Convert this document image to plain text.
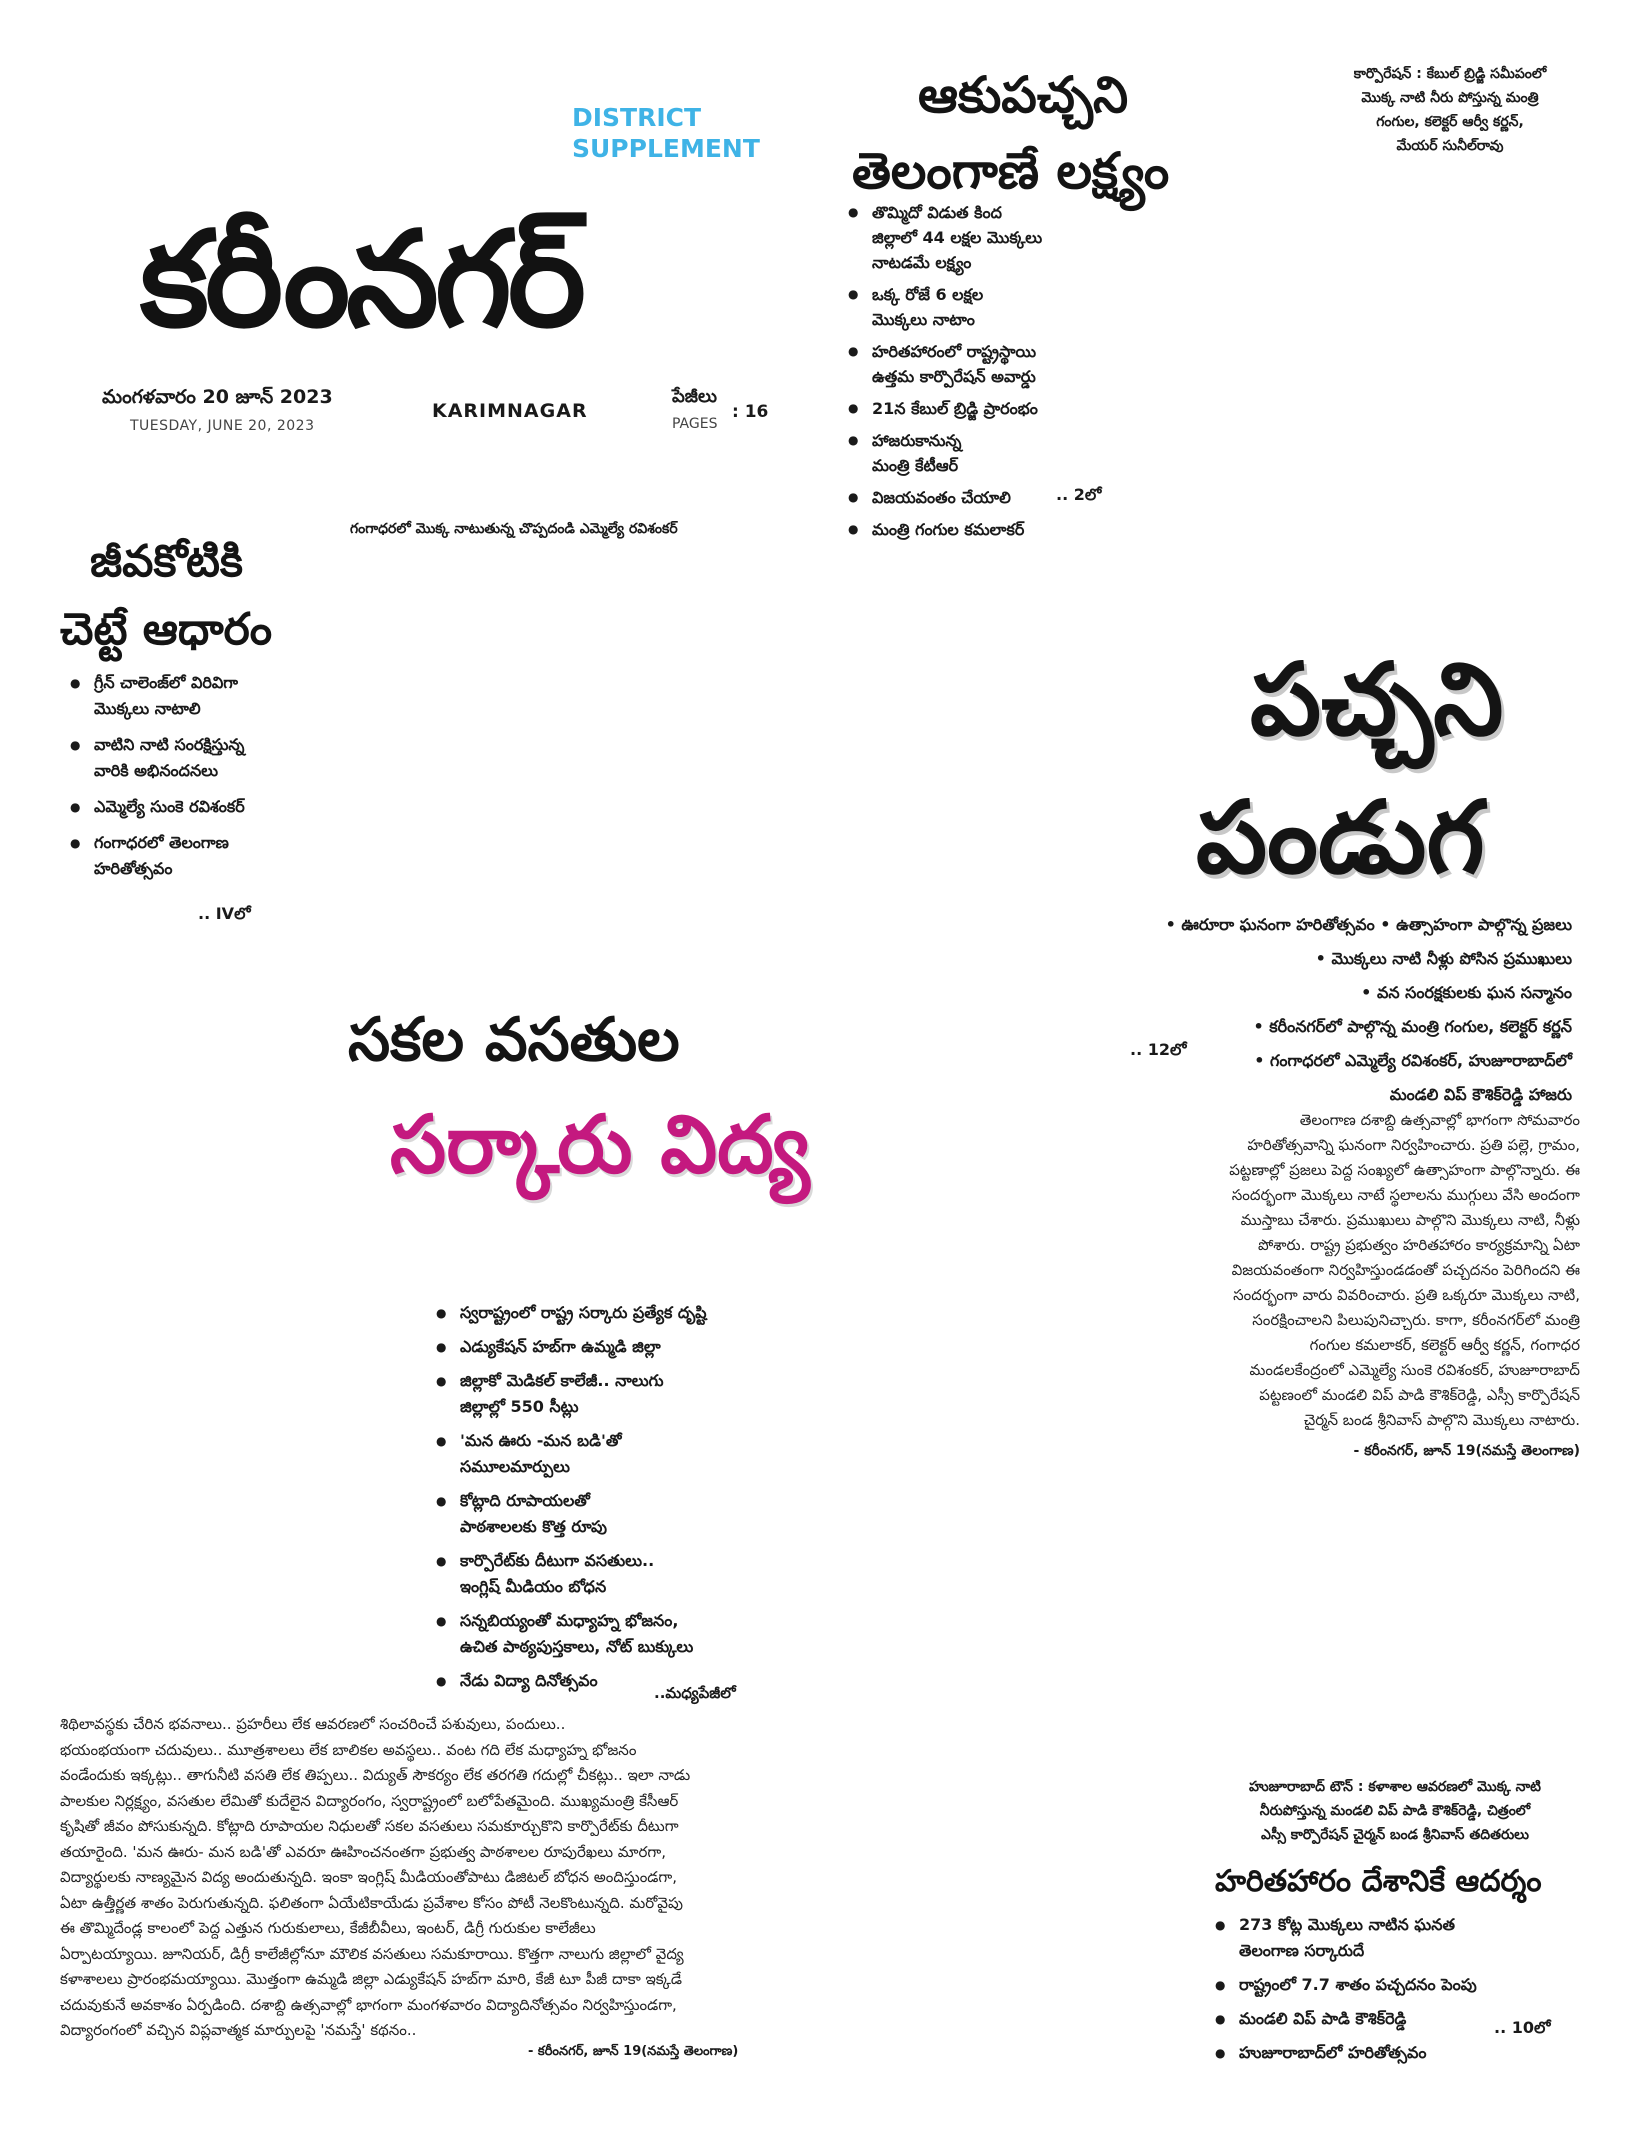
DISTRICT
SUPPLEMENT
కరీంనగర్
మంగళవారం 20 జూన్ 2023
TUESDAY, JUNE 20, 2023
KARIMNAGAR
పేజీలు
PAGES
: 16
కార్పొరేషన్ : కేబుల్ బ్రిడ్జి సమీపంలో
మొక్క నాటి నీరు పోస్తున్న మంత్రి
గంగుల, కలెక్టర్ ఆర్వీ కర్ణన్,
మేయర్ సునీల్‌రావు
ఆకుపచ్చని
తెలంగాణే లక్ష్యం
● తొమ్మిదో విడుత కింద
జిల్లాలో 44 లక్షల మొక్కలు
నాటడమే లక్ష్యం
● ఒక్క రోజే 6 లక్షల
మొక్కలు నాటాం
● హరితహారంలో రాష్ట్రస్థాయి
ఉత్తమ కార్పొరేషన్ అవార్డు
● 21న కేబుల్ బ్రిడ్జి ప్రారంభం
● హాజరుకానున్న
మంత్రి కేటీఆర్
● విజయవంతం చేయాలి
● మంత్రి గంగుల కమలాకర్
.. 2లో
గంగాధరలో మొక్క నాటుతున్న చొప్పదండి ఎమ్మెల్యే రవిశంకర్
జీవకోటికి
చెట్టే ఆధారం
● గ్రీన్ చాలెంజ్‌లో విరివిగా
మొక్కలు నాటాలి
● వాటిని నాటి సంరక్షిస్తున్న
వారికి అభినందనలు
● ఎమ్మెల్యే సుంకె రవిశంకర్
● గంగాధరలో తెలంగాణ
హరితోత్సవం
.. IVలో
పచ్చని
పండుగ
• ఊరూరా ఘనంగా హరితోత్సవం • ఉత్సాహంగా పాల్గొన్న ప్రజలు
• మొక్కలు నాటి నీళ్లు పోసిన ప్రముఖులు
• వన సంరక్షకులకు ఘన సన్మానం
• కరీంనగర్‌లో పాల్గొన్న మంత్రి గంగుల, కలెక్టర్ కర్ణన్
• గంగాధరలో ఎమ్మెల్యే రవిశంకర్, హుజూరాబాద్‌లో
మండలి విప్ కౌశిక్‌రెడ్డి హాజరు
.. 12లో
తెలంగాణ దశాబ్ది ఉత్సవాల్లో భాగంగా సోమవారం
హరితోత్సవాన్ని ఘనంగా నిర్వహించారు. ప్రతి పల్లె, గ్రామం,
పట్టణాల్లో ప్రజలు పెద్ద సంఖ్యలో ఉత్సాహంగా పాల్గొన్నారు. ఈ
సందర్భంగా మొక్కలు నాటే స్థలాలను ముగ్గులు వేసి అందంగా
ముస్తాబు చేశారు. ప్రముఖులు పాల్గొని మొక్కలు నాటి, నీళ్లు
పోశారు. రాష్ట్ర ప్రభుత్వం హరితహారం కార్యక్రమాన్ని ఏటా
విజయవంతంగా నిర్వహిస్తుండడంతో పచ్చదనం పెరిగిందని ఈ
సందర్భంగా వారు వివరించారు. ప్రతి ఒక్కరూ మొక్కలు నాటి,
సంరక్షించాలని పిలుపునిచ్చారు. కాగా, కరీంనగర్‌లో మంత్రి
గంగుల కమలాకర్, కలెక్టర్ ఆర్వీ కర్ణన్, గంగాధర
మండలకేంద్రంలో ఎమ్మెల్యే సుంకె రవిశంకర్, హుజూరాబాద్
పట్టణంలో మండలి విప్ పాడి కౌశిక్‌రెడ్డి, ఎస్సీ కార్పొరేషన్
చైర్మన్ బండ శ్రీనివాస్ పాల్గొని మొక్కలు నాటారు.
- కరీంనగర్, జూన్ 19(నమస్తే తెలంగాణ)
సకల వసతుల
సర్కారు విద్య
● స్వరాష్ట్రంలో రాష్ట్ర సర్కారు ప్రత్యేక దృష్టి
● ఎడ్యుకేషన్ హబ్‌గా ఉమ్మడి జిల్లా
● జిల్లాకో మెడికల్ కాలేజీ.. నాలుగు
జిల్లాల్లో 550 సీట్లు
● 'మన ఊరు -మన బడి'తో
సమూలమార్పులు
● కోట్లాది రూపాయలతో
పాఠశాలలకు కొత్త రూపు
● కార్పొరేట్‌కు దీటుగా వసతులు..
ఇంగ్లిష్ మీడియం బోధన
● సన్నబియ్యంతో మధ్యాహ్న భోజనం,
ఉచిత పాఠ్యపుస్తకాలు, నోట్ బుక్కులు
● నేడు విద్యా దినోత్సవం
..మధ్యపేజీలో
శిథిలావస్థకు చేరిన భవనాలు.. ప్రహరీలు లేక ఆవరణలో సంచరించే పశువులు, పందులు..
భయంభయంగా చదువులు.. మూత్రశాలలు లేక బాలికల అవస్థలు.. వంట గది లేక మధ్యాహ్న భోజనం
వండేందుకు ఇక్కట్లు.. తాగునీటి వసతి లేక తిప్పలు.. విద్యుత్ సౌకర్యం లేక తరగతి గదుల్లో చీకట్లు.. ఇలా నాడు
పాలకుల నిర్లక్ష్యం, వసతుల లేమితో కుదేలైన విద్యారంగం, స్వరాష్ట్రంలో బలోపేతమైంది. ముఖ్యమంత్రి కేసీఆర్
కృషితో జీవం పోసుకున్నది. కోట్లాది రూపాయల నిధులతో సకల వసతులు సమకూర్చుకొని కార్పొరేట్‌కు దీటుగా
తయారైంది. 'మన ఊరు- మన బడి'తో ఎవరూ ఊహించనంతగా ప్రభుత్వ పాఠశాలల రూపురేఖలు మారగా,
విద్యార్థులకు నాణ్యమైన విద్య అందుతున్నది. ఇంకా ఇంగ్లిష్ మీడియంతోపాటు డిజిటల్ బోధన అందిస్తుండగా,
ఏటా ఉత్తీర్ణత శాతం పెరుగుతున్నది. ఫలితంగా ఏయేటికాయేడు ప్రవేశాల కోసం పోటీ నెలకొంటున్నది. మరోవైపు
ఈ తొమ్మిదేండ్ల కాలంలో పెద్ద ఎత్తున గురుకులాలు, కేజీబీవీలు, ఇంటర్, డిగ్రీ గురుకుల కాలేజీలు
ఏర్పాటయ్యాయి. జూనియర్, డిగ్రీ కాలేజీల్లోనూ మౌలిక వసతులు సమకూరాయి. కొత్తగా నాలుగు జిల్లాలో వైద్య
కళాశాలలు ప్రారంభమయ్యాయి. మొత్తంగా ఉమ్మడి జిల్లా ఎడ్యుకేషన్ హబ్‌గా మారి, కేజీ టూ పీజీ దాకా ఇక్కడే
చదువుకునే అవకాశం ఏర్పడింది. దశాబ్ది ఉత్సవాల్లో భాగంగా మంగళవారం విద్యాదినోత్సవం నిర్వహిస్తుండగా,
విద్యారంగంలో వచ్చిన విప్లవాత్మక మార్పులపై 'నమస్తే' కథనం..
- కరీంనగర్, జూన్ 19(నమస్తే తెలంగాణ)
హుజూరాబాద్ టౌన్ : కళాశాల ఆవరణలో మొక్క నాటి
నీరుపోస్తున్న మండలి విప్ పాడి కౌశిక్‌రెడ్డి, చిత్రంలో
ఎస్సీ కార్పొరేషన్ చైర్మన్ బండ శ్రీనివాస్ తదితరులు
హరితహారం దేశానికే ఆదర్శం
● 273 కోట్ల మొక్కలు నాటిన ఘనత
తెలంగాణ సర్కారుదే
● రాష్ట్రంలో 7.7 శాతం పచ్చదనం పెంపు
● మండలి విప్ పాడి కౌశిక్‌రెడ్డి
● హుజూరాబాద్‌లో హరితోత్సవం
.. 10లో
